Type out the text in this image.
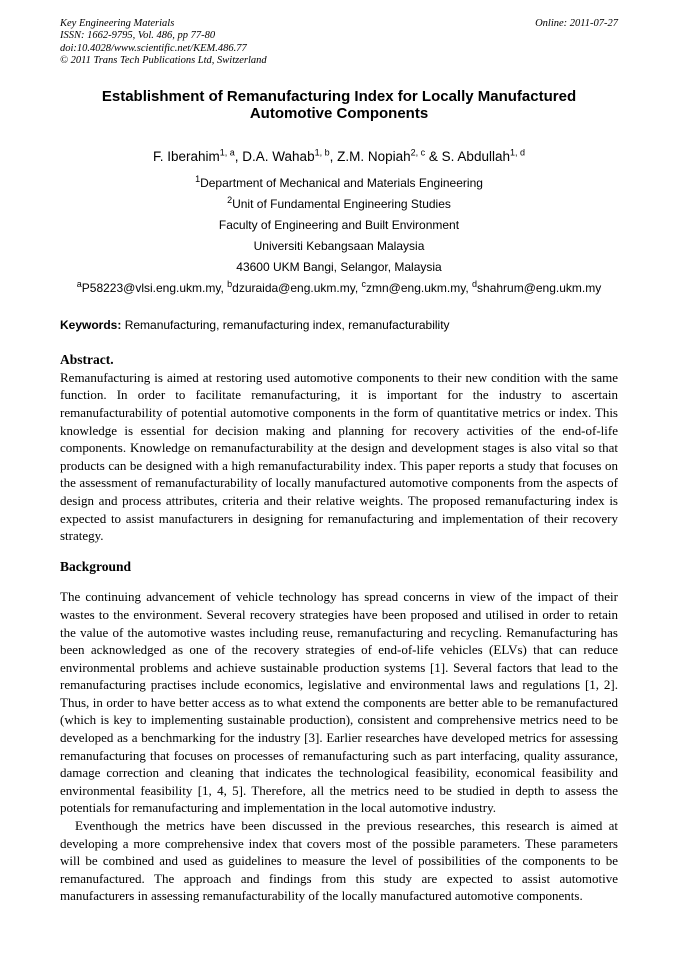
Key Engineering Materials
ISSN: 1662-9795, Vol. 486, pp 77-80
doi:10.4028/www.scientific.net/KEM.486.77
© 2011 Trans Tech Publications Ltd, Switzerland
Online: 2011-07-27
Establishment of Remanufacturing Index for Locally Manufactured Automotive Components
F. Iberahim$^{1, a}$, D.A. Wahab$^{1, b}$, Z.M. Nopiah$^{2, c}$ & S. Abdullah$^{1, d}$
$^1$Department of Mechanical and Materials Engineering
$^2$Unit of Fundamental Engineering Studies
Faculty of Engineering and Built Environment
Universiti Kebangsaan Malaysia
43600 UKM Bangi, Selangor, Malaysia
$^a$P58223@vlsi.eng.ukm.my, $^b$dzuraida@eng.ukm.my, $^c$zmn@eng.ukm.my, $^d$shahrum@eng.ukm.my

Keywords: Remanufacturing, remanufacturing index, remanufacturability

Abstract.

Remanufacturing is aimed at restoring used automotive components to their new condition with the same function. In order to facilitate remanufacturing, it is important for the industry to ascertain remanufacturability of potential automotive components in the form of quantitative metrics or index. This knowledge is essential for decision making and planning for recovery activities of the end-of-life components. Knowledge on remanufacturability at the design and development stages is also vital so that products can be designed with a high remanufacturability index. This paper reports a study that focuses on the assessment of remanufacturability of locally manufactured automotive components from the aspects of design and process attributes, criteria and their relative weights. The proposed remanufacturing index is expected to assist manufacturers in designing for remanufacturing and implementation of their recovery strategy.

Background

The continuing advancement of vehicle technology has spread concerns in view of the impact of their wastes to the environment. Several recovery strategies have been proposed and utilised in order to retain the value of the automotive wastes including reuse, remanufacturing and recycling. Remanufacturing has been acknowledged as one of the recovery strategies of end-of-life vehicles (ELVs) that can reduce environmental problems and achieve sustainable production systems [1]. Several factors that lead to the remanufacturing practises include economics, legislative and environmental laws and regulations [1, 2]. Thus, in order to have better access as to what extend the components are better able to be remanufactured (which is key to implementing sustainable production), consistent and comprehensive metrics need to be developed as a benchmarking for the industry [3]. Earlier researches have developed metrics for assessing remanufacturing that focuses on processes of remanufacturing such as part interfacing, quality assurance, damage correction and cleaning that indicates the technological feasibility, economical feasibility and environmental feasibility [1, 4, 5]. Therefore, all the metrics need to be studied in depth to assess the potentials for remanufacturing and implementation in the local automotive industry.

Eventhough the metrics have been discussed in the previous researches, this research is aimed at developing a more comprehensive index that covers most of the possible parameters. These parameters will be combined and used as guidelines to measure the level of possibilities of the components to be remanufactured. The approach and findings from this study are expected to assist automotive manufacturers in assessing remanufacturability of the locally manufactured automotive components.
